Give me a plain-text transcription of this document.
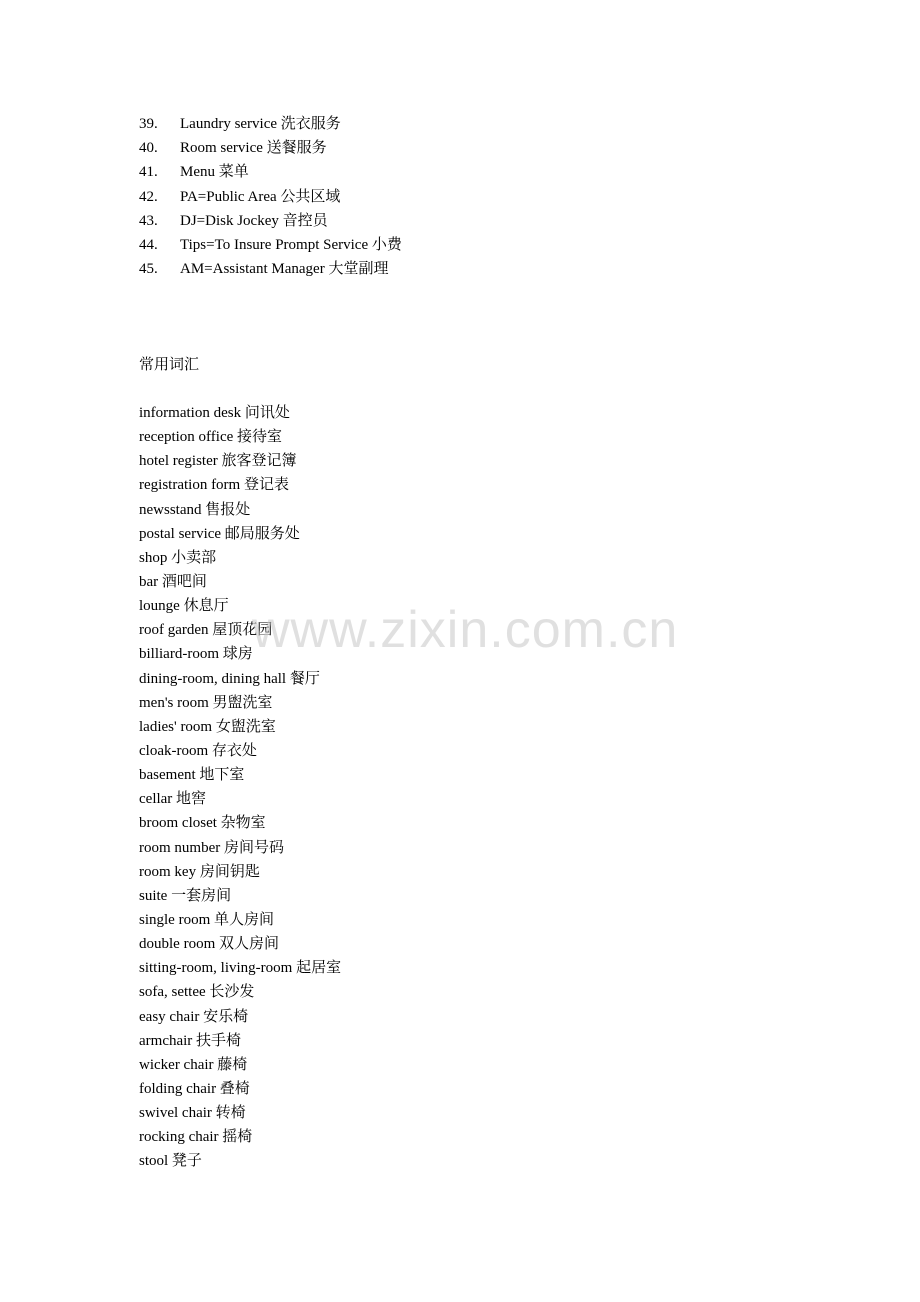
39. Laundry service 洗衣服务
40. Room service 送餐服务
41. Menu 菜单
42. PA=Public Area 公共区域
43. DJ=Disk Jockey 音控员
44. Tips=To Insure Prompt Service 小费
45. AM=Assistant Manager 大堂副理
常用词汇
information desk 问讯处
reception office 接待室
hotel register 旅客登记簿
registration form 登记表
newsstand 售报处
postal service 邮局服务处
shop 小卖部
bar 酒吧间
lounge 休息厅
roof garden 屋顶花园
billiard-room 球房
dining-room, dining hall 餐厅
men's room 男盥洗室
ladies' room 女盥洗室
cloak-room 存衣处
basement 地下室
cellar 地窖
broom closet 杂物室
room number 房间号码
room key 房间钥匙
suite 一套房间
single room 单人房间
double room 双人房间
sitting-room, living-room 起居室
sofa, settee 长沙发
easy chair 安乐椅
armchair 扶手椅
wicker chair 藤椅
folding chair 叠椅
swivel chair 转椅
rocking chair 摇椅
stool 凳子
www.zixin.com.cn
